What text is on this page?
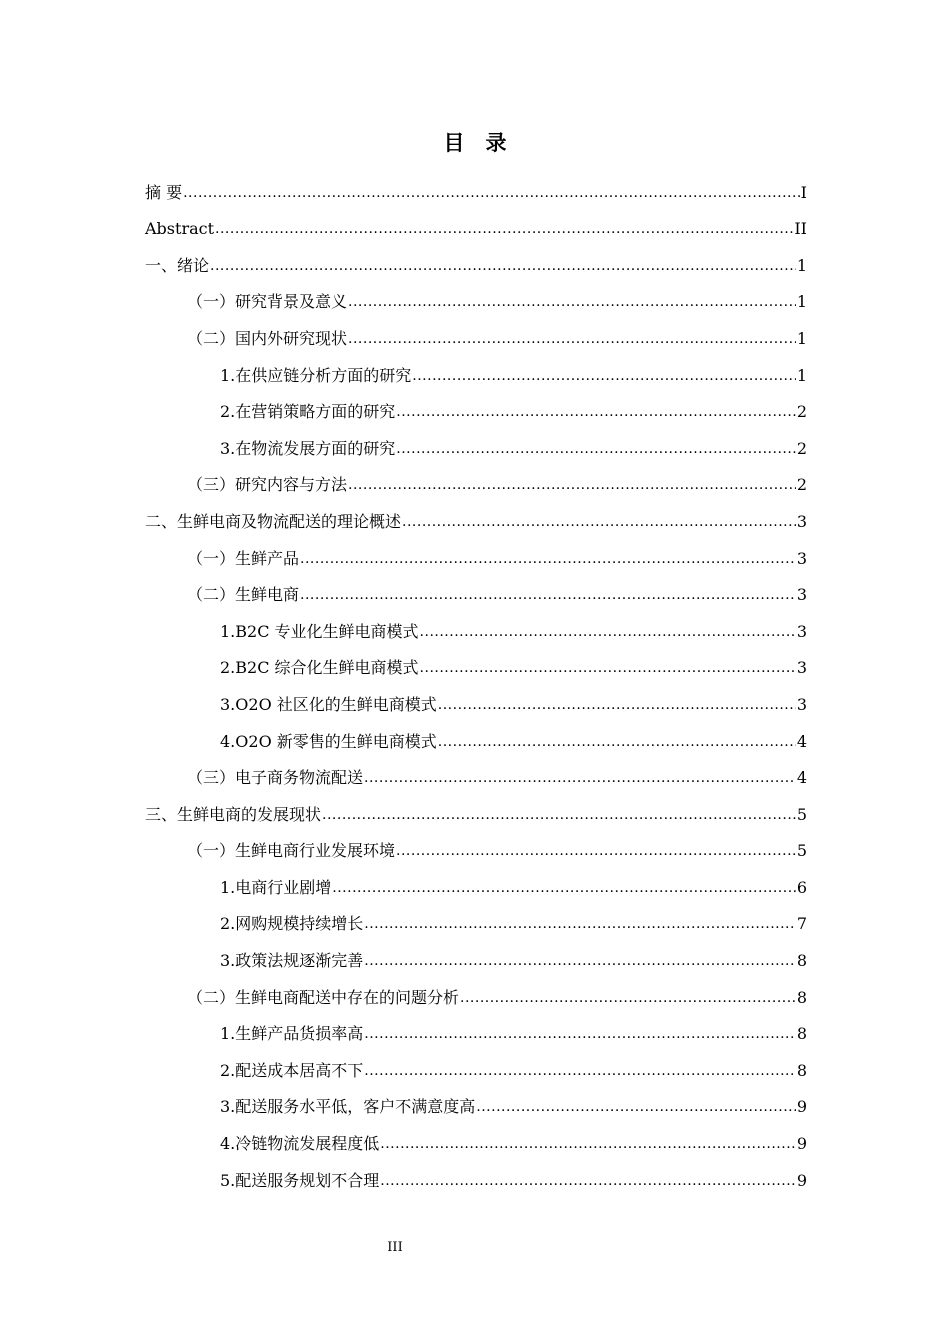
目　录
摘 要 .....	I
Abstract .....	II
一、绪论 .....	1
（一）研究背景及意义 .....	1
（二）国内外研究现状 .....	1
1.在供应链分析方面的研究 .....	1
2.在营销策略方面的研究 .....	2
3.在物流发展方面的研究 .....	2
（三）研究内容与方法 .....	2
二、生鲜电商及物流配送的理论概述 .....	3
（一）生鲜产品 .....	3
（二）生鲜电商 .....	3
1.B2C 专业化生鲜电商模式 .....	3
2.B2C 综合化生鲜电商模式 .....	3
3.O2O 社区化的生鲜电商模式 .....	3
4.O2O 新零售的生鲜电商模式 .....	4
（三）电子商务物流配送 .....	4
三、生鲜电商的发展现状 .....	5
（一）生鲜电商行业发展环境 .....	5
1.电商行业剧增 .....	6
2.网购规模持续增长 .....	7
3.政策法规逐渐完善 .....	8
（二）生鲜电商配送中存在的问题分析 .....	8
1.生鲜产品货损率高 .....	8
2.配送成本居高不下 .....	8
3.配送服务水平低，客户不满意度高 .....	9
4.冷链物流发展程度低 .....	9
5.配送服务规划不合理 .....	9
III
